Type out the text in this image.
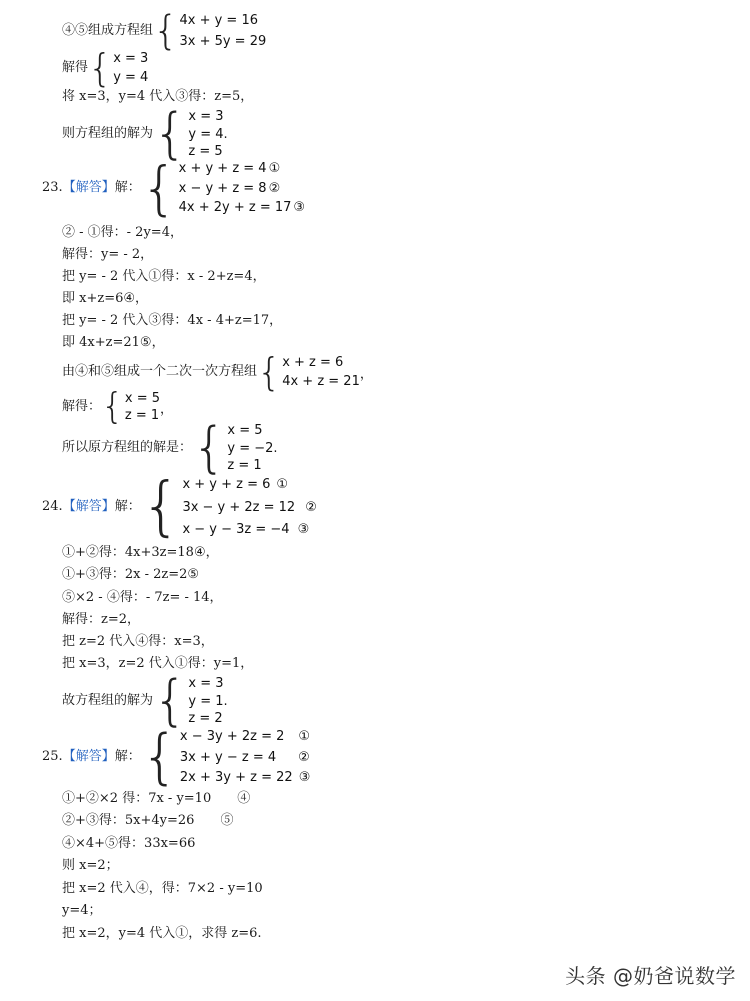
④⑤组成方程组 { 4x + y = 16
3x + 5y = 29
解得 { x = 3
y = 4
将 x=3，y=4 代入③得：z=5，
则方程组的解为 { x = 3
y = 4
z = 5
.
23. 【解答】 解： { x + y + z = 4 ①
x − y + z = 8 ②
4x + 2y + z = 17 ③
② - ①得：- 2y=4，
解得：y= - 2，
把 y= - 2 代入①得：x - 2+z=4，
即 x+z=6④，
把 y= - 2 代入③得：4x - 4+z=17，
即 4x+z=21⑤，
由④和⑤组成一个二次一次方程组 { x + z = 6
4x + z = 21 ，
解得： { x = 5
z = 1 ，
所以原方程组的解是： { x = 5
y = −2
z = 1
.
24. 【解答】 解： { x + y + z = 6 ①
3x − y + 2z = 12 ②
x − y − 3z = −4 ③
①+②得：4x+3z=18④，
①+③得：2x - 2z=2⑤
⑤×2 - ④得：- 7z= - 14，
解得：z=2，
把 z=2 代入④得：x=3，
把 x=3，z=2 代入①得：y=1，
故方程组的解为 { x = 3
y = 1
z = 2
.
25. 【解答】 解： { x − 3y + 2z = 2 ①
3x + y − z = 4 ②
2x + 3y + z = 22 ③
①+②×2 得：7x - y=10　　④
②+③得：5x+4y=26　　⑤
④×4+⑤得：33x=66
则 x=2；
把 x=2 代入④，得：7×2 - y=10
y=4；
把 x=2，y=4 代入①，求得 z=6.
头条 @奶爸说数学
